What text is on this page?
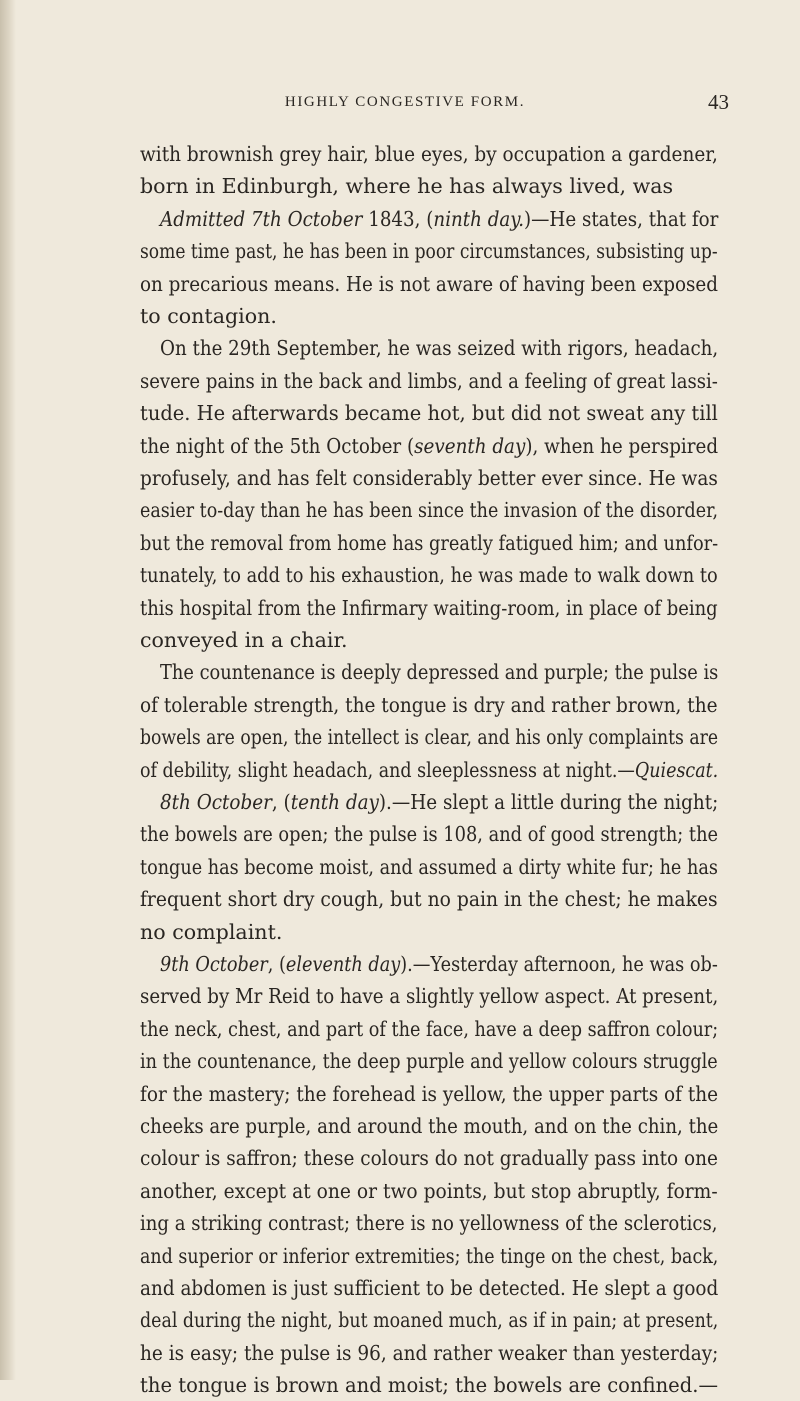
HIGHLY CONGESTIVE FORM.	43
with brownish grey hair, blue eyes, by occupation a gardener,
born in Edinburgh, where he has always lived, was
Admitted 7th October 1843, (ninth day.)—He states, that for
some time past, he has been in poor circumstances, subsisting up-
on precarious means. He is not aware of having been exposed
to contagion.
On the 29th September, he was seized with rigors, headach,
severe pains in the back and limbs, and a feeling of great lassi-
tude. He afterwards became hot, but did not sweat any till
the night of the 5th October (seventh day), when he perspired
profusely, and has felt considerably better ever since. He was
easier to-day than he has been since the invasion of the disorder,
but the removal from home has greatly fatigued him; and unfor-
tunately, to add to his exhaustion, he was made to walk down to
this hospital from the Infirmary waiting-room, in place of being
conveyed in a chair.
The countenance is deeply depressed and purple; the pulse is
of tolerable strength, the tongue is dry and rather brown, the
bowels are open, the intellect is clear, and his only complaints are
of debility, slight headach, and sleeplessness at night.—Quiescat.
8th October, (tenth day).—He slept a little during the night;
the bowels are open; the pulse is 108, and of good strength; the
tongue has become moist, and assumed a dirty white fur; he has
frequent short dry cough, but no pain in the chest; he makes
no complaint.
9th October, (eleventh day).—Yesterday afternoon, he was ob-
served by Mr Reid to have a slightly yellow aspect. At present,
the neck, chest, and part of the face, have a deep saffron colour;
in the countenance, the deep purple and yellow colours struggle
for the mastery; the forehead is yellow, the upper parts of the
cheeks are purple, and around the mouth, and on the chin, the
colour is saffron; these colours do not gradually pass into one
another, except at one or two points, but stop abruptly, form-
ing a striking contrast; there is no yellowness of the sclerotics,
and superior or inferior extremities; the tinge on the chest, back,
and abdomen is just sufficient to be detected. He slept a good
deal during the night, but moaned much, as if in pain; at present,
he is easy; the pulse is 96, and rather weaker than yesterday;
the tongue is brown and moist; the bowels are confined.—
